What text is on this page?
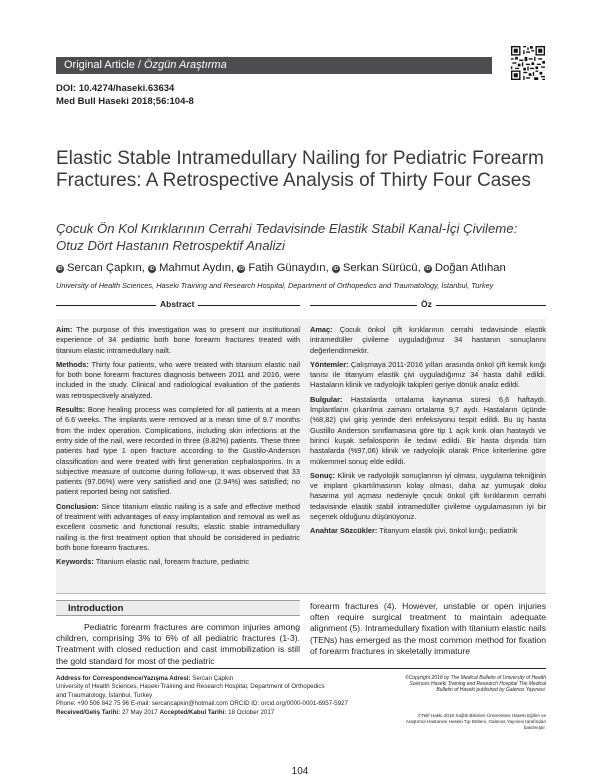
Original Article / Özgün Araştırma
DOI: 10.4274/haseki.63634
Med Bull Haseki 2018;56:104-8
Elastic Stable Intramedullary Nailing for Pediatric Forearm Fractures: A Retrospective Analysis of Thirty Four Cases
Çocuk Ön Kol Kırıklarının Cerrahi Tedavisinde Elastik Stabil Kanal-İçi Çivileme: Otuz Dört Hastanın Retrospektif Analizi
iD Sercan Çapkın, iD Mahmut Aydın, iD Fatih Günaydın, iD Serkan Sürücü, iD Doğan Atlıhan
University of Health Sciences, Haseki Training and Research Hospital, Department of Orthopedics and Traumatology, İstanbul, Turkey
Abstract	Öz

Aim: The purpose of this investigation was to present our institutional experience of 34 pediatric both bone forearm fractures treated with titanium elastic intramedullary nailt.

Methods: Thirty four patients, who were treated with titanium elastic nail for both bone forearm fractures diagnosis between 2011 and 2016, were included in the study. Clinical and radiological evaluation of the patients was retrospectively analyzed.

Results: Bone healing process was completed for all patients at a mean of 6.6 weeks. The implants were removed at a mean time of 9.7 months from the index operation. Complications, including skin infections at the entry side of the nail, were recorded in three (8.82%) patients. These three patients had type 1 open fracture according to the Gustilo-Anderson classification and were treated with first generation cephalosporins. In a subjective measure of outcome during follow-up, it was observed that 33 patients (97.06%) were very satisfied and one (2.94%) was satisfied; no patient reported being not satisfied.

Conclusion: Since titanium elastic nailing is a safe and effective method of treatment with advantages of easy implantation and removal as well as excellent cosmetic and functional results, elastic stable intramedullary nailing is the first treatment option that should be considered in pediatric both bone forearm fractures.

Keywords: Titanium elastic nail, forearm fracture, pediatric

Amaç: Çocuk önkol çift kırıklarının cerrahi tedavisinde elastik intramedüller çivileme uyguladığımız 34 hastanın sonuçlarını değerlendirmektir.

Yöntemler: Çalışmaya 2011-2016 yılları arasında önkol çift kemik kırığı tanısı ile titanyum elastik çivi uyguladığımız 34 hasta dahil edildi. Hastaların klinik ve radyolojik takipleri geriye dönük analiz edildi.

Bulgular: Hastalarda ortalama kaynama süresi 6,6 haftaydı. İmplantların çıkarılma zamanı ortalama 9,7 aydı. Hastaların üçünde (%8,82) çivi giriş yerinde deri enfeksiyonu tespit edildi. Bu üç hasta Gustillo Anderson sınıflamasına göre tip 1 açık kırık olan hastaydı ve birinci kuşak sefalosporin ile tedavi edildi. Bir hasta dışında tüm hastalarda (%97,06) klinik ve radyolojik olarak Price kriterlerine göre mükemmel sonuç elde edildi.

Sonuç: Klinik ve radyolojik sonuçlarının iyi olması, uygulama tekniğinin ve implant çıkartılmasının kolay olması, daha az yumuşak doku hasarına yol açması nedeniyle çocuk önkol çift kırıklarının cerrahi tedavisinde elastik stabil intramedüller çivileme uygulamasının iyi bir seçenek olduğunu düşünüyoruz.

Anahtar Sözcükler: Titanyum elastik çivi, önkol kırığı, pediatrik

Introduction
Pediatric forearm fractures are common injuries among children, comprising 3% to 6% of all pediatric fractures (1-3). Treatment with closed reduction and cast immobilization is still the gold standard for most of the pediatric
forearm fractures (4). However, unstable or open injuries often require surgical treatment to maintain adequate alignment (5). Intramedullary fixation with titanium elastic nails (TENs) has emerged as the most common method for fixation of forearm fractures in skeletally immature
Address for Correspondence/Yazışma Adresi: Sercan Çapkın
University of Health Sciences, Haseki Training and Research Hospital, Department of Orthopedics
and Traumatology, İstanbul, Turkey
Phone: +90 506 842 75 96 E-mail: sercancapkin@hotmail.com ORCID ID: orcid.org/0000-0001-6957-5927
Received/Geliş Tarihi: 27 May 2017 Accepted/Kabul Tarihi: 18 October 2017
©Copyright 2018 by The Medical Bulletin of University of Health Sciences Haseki Training and Research Hospital The Medical Bulletin of Haseki published by Galenos Yayınevi.
©Telif Hakkı 2018 Sağlık Bilimleri Üniversitesi Haseki Eğitim ve Araştırma Hastanesi Haseki Tıp Bülteni, Galenos Yayınevi tarafından basılmıştır.
104
